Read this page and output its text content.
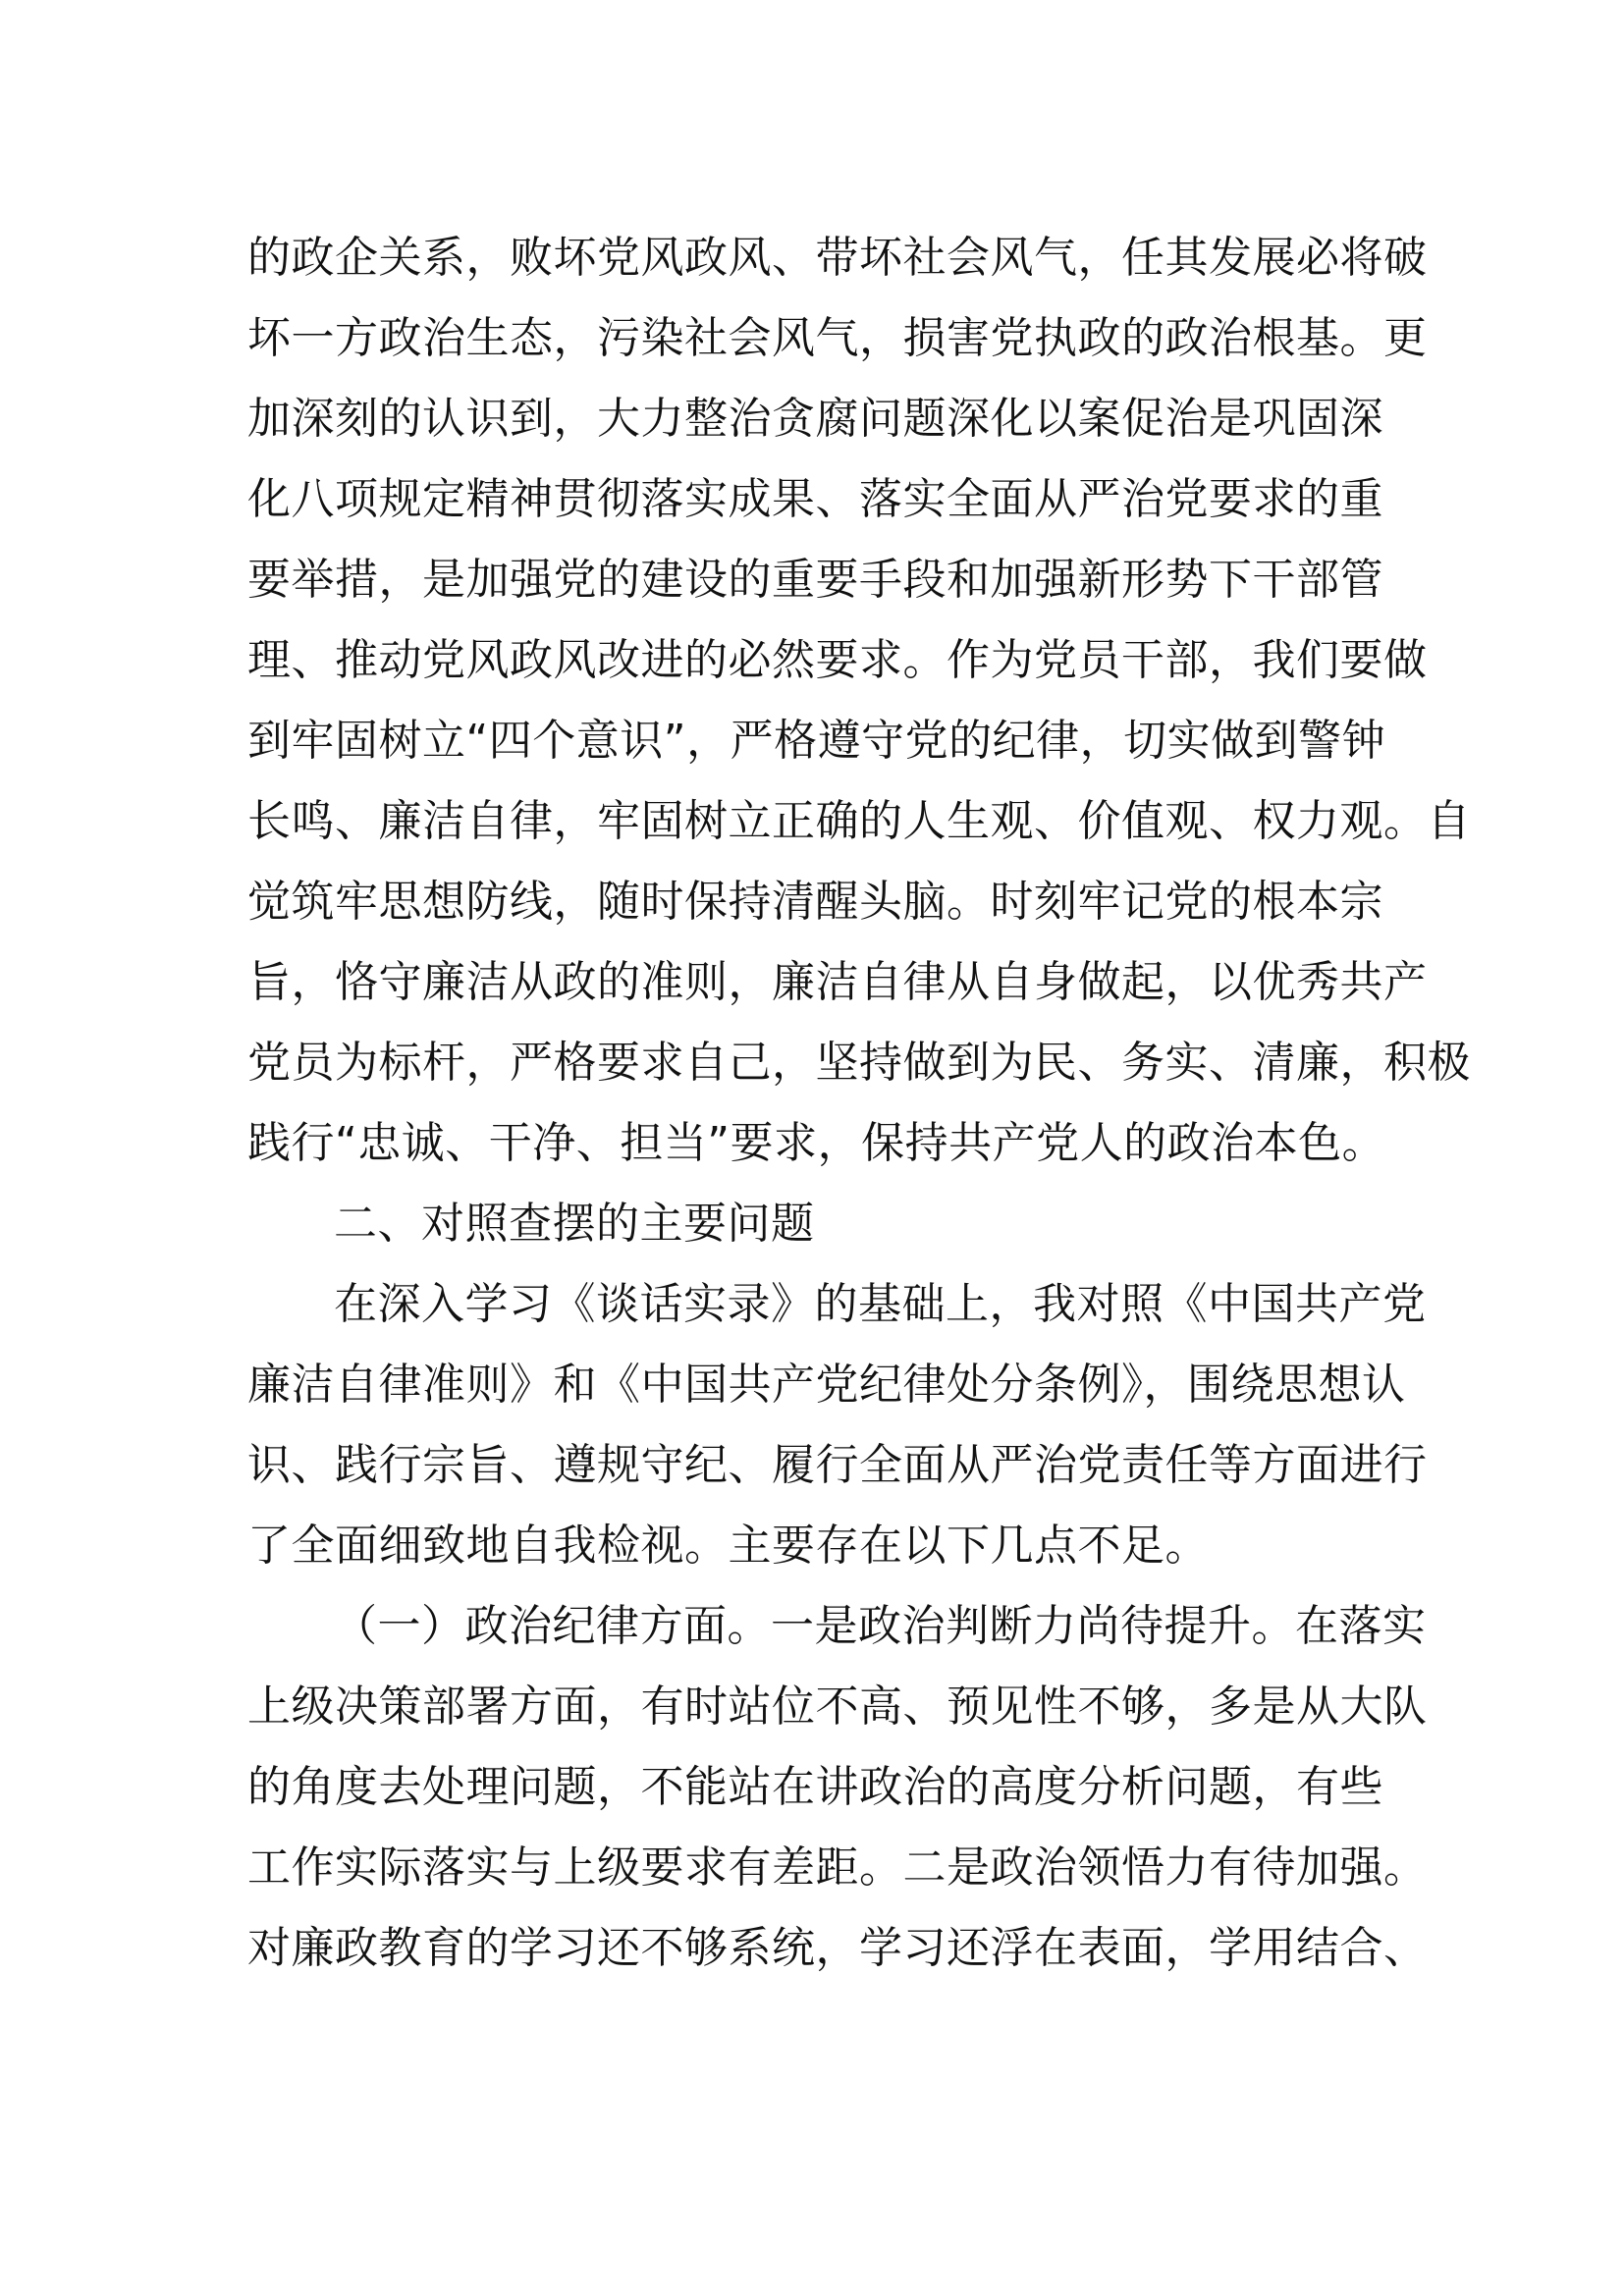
的政企关系，败坏党风政风、带坏社会风气，任其发展必将破
坏一方政治生态，污染社会风气，损害党执政的政治根基。更
加深刻的认识到，大力整治贪腐问题深化以案促治是巩固深
化八项规定精神贯彻落实成果、落实全面从严治党要求的重
要举措，是加强党的建设的重要手段和加强新形势下干部管
理、推动党风政风改进的必然要求。作为党员干部，我们要做
到牢固树立“四个意识”，严格遵守党的纪律，切实做到警钟
长鸣、廉洁自律，牢固树立正确的人生观、价值观、权力观。自
觉筑牢思想防线，随时保持清醒头脑。时刻牢记党的根本宗
旨，恪守廉洁从政的准则，廉洁自律从自身做起，以优秀共产
党员为标杆，严格要求自己，坚持做到为民、务实、清廉，积极
践行“忠诚、干净、担当”要求，保持共产党人的政治本色。
二、对照查摆的主要问题
在深入学习《谈话实录》的基础上，我对照《中国共产党
廉洁自律准则》和《中国共产党纪律处分条例》，围绕思想认
识、践行宗旨、遵规守纪、履行全面从严治党责任等方面进行
了全面细致地自我检视。主要存在以下几点不足。
（一）政治纪律方面。一是政治判断力尚待提升。在落实
上级决策部署方面，有时站位不高、预见性不够，多是从大队
的角度去处理问题，不能站在讲政治的高度分析问题，有些
工作实际落实与上级要求有差距。二是政治领悟力有待加强。
对廉政教育的学习还不够系统，学习还浮在表面，学用结合、
